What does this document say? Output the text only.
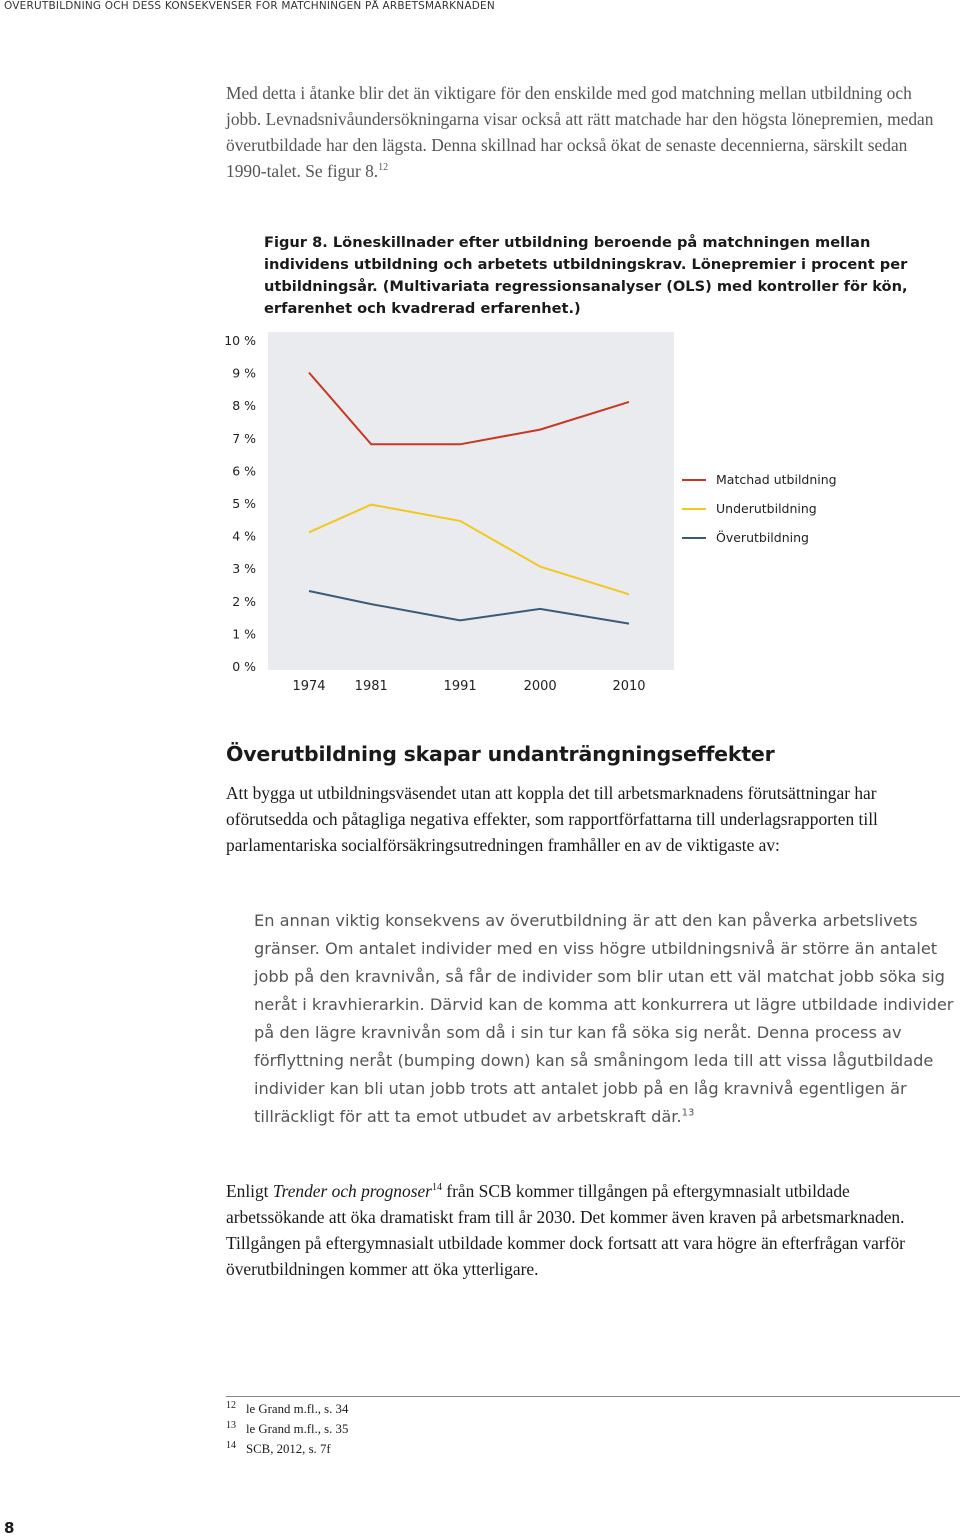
ÖVERUTBILDNING OCH DESS KONSEKVENSER FÖR MATCHNINGEN PÅ ARBETSMARKNADEN

Med detta i åtanke blir det än viktigare för den enskilde med god matchning mellan utbildning och jobb. Levnadsnivåundersökningarna visar också att rätt matchade har den högsta lönepremien, medan överutbildade har den lägsta. Denna skillnad har också ökat de senaste decennierna, särskilt sedan 1990-talet. Se figur 8.12

Figur 8. Löneskillnader efter utbildning beroende på matchningen mellan individens utbildning och arbetets utbildningskrav. Lönepremier i procent per utbildningsår. (Multivariata regressionsanalyser (OLS) med kontroller för kön, erfarenhet och kvadrerad erfarenhet.)
0 %
1 %
2 %
3 %
4 %
5 %
6 %
7 %
8 %
9 %
10 %
1974 1981	1991	2000	2010
Matchad utbildning
Underutbildning
Överutbildning
Överutbildning skapar undanträngningseffekter

Att bygga ut utbildningsväsendet utan att koppla det till arbetsmarknadens förutsättningar har oförutsedda och påtagliga negativa effekter, som rapportförfattarna till underlagsrapporten till parlamentariska socialförsäkringsutredningen framhåller en av de viktigaste av:

En annan viktig konsekvens av överutbildning är att den kan påverka arbetslivets gränser. Om antalet individer med en viss högre utbildningsnivå är större än antalet jobb på den kravnivån, så får de individer som blir utan ett väl matchat jobb söka sig neråt i kravhierarkin. Därvid kan de komma att konkurrera ut lägre utbildade individer på den lägre kravnivån som då i sin tur kan få söka sig neråt. Denna process av förflyttning neråt (bumping down) kan så småningom leda till att vissa lågutbildade individer kan bli utan jobb trots att antalet jobb på en låg kravnivå egentligen är tillräckligt för att ta emot utbudet av arbetskraft där.$^{13}$

Enligt Trender och prognoser$^{14}$ från SCB kommer tillgången på eftergymnasialt utbildade arbetssökande att öka dramatiskt fram till år 2030. Det kommer även kraven på arbetsmarknaden. Tillgången på eftergymnasialt utbildade kommer dock fortsatt att vara högre än efterfrågan varför överutbildningen kommer att öka ytterligare.

12 le Grand m.fl., s. 34
13 le Grand m.fl., s. 35
14 SCB, 2012, s. 7f
8
